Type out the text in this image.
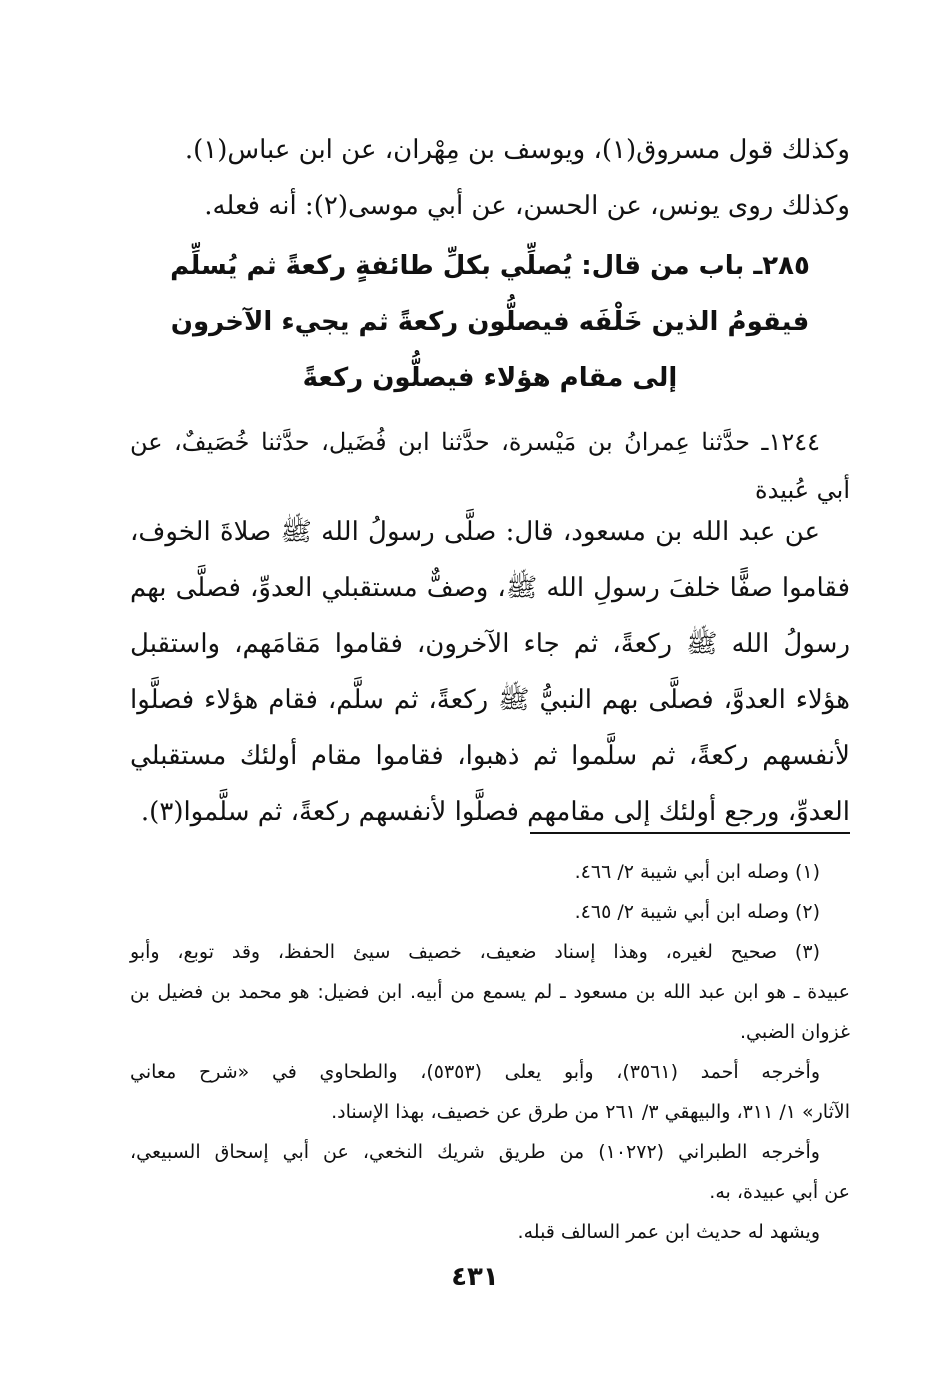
وكذلك قول مسروق(١)، ويوسف بن مِهْران، عن ابن عباس(١).
وكذلك روى يونس، عن الحسن، عن أبي موسى(٢): أنه فعله.
٢٨٥ـ باب من قال: يُصلِّي بكلِّ طائفةٍ ركعةً ثم يُسلِّم
فيقومُ الذين خَلْفَه فيصلُّون ركعةً ثم يجيء الآخرون
إلى مقام هؤلاء فيصلُّون ركعةً
١٢٤٤ـ حدَّثنا عِمرانُ بن مَيْسرة، حدَّثنا ابن فُضَيل، حدَّثنا خُصَيفٌ، عن
أبي عُبيدة
عن عبد الله بن مسعود، قال: صلَّى رسولُ الله ﷺ صلاةَ الخوف،
فقاموا صفًّا خلفَ رسولِ الله ﷺ، وصفٌّ مستقبلي العدوِّ، فصلَّى بهم
رسولُ الله ﷺ ركعةً، ثم جاء الآخرون، فقاموا مَقامَهم، واستقبل
هؤلاء العدوَّ، فصلَّى بهم النبيُّ ﷺ ركعةً، ثم سلَّم، فقام هؤلاء فصلَّوا
لأنفسهم ركعةً، ثم سلَّموا ثم ذهبوا، فقاموا مقام أولئك مستقبلي
العدوِّ، ورجع أولئك إلى مقامهم فصلَّوا لأنفسهم ركعةً، ثم سلَّموا(٣).
(١) وصله ابن أبي شيبة ٢/ ٤٦٦.
(٢) وصله ابن أبي شيبة ٢/ ٤٦٥.
(٣) صحيح لغيره، وهذا إسناد ضعيف، خصيف سيئ الحفظ، وقد توبع، وأبو
عبيدة ـ هو ابن عبد الله بن مسعود ـ لم يسمع من أبيه. ابن فضيل: هو محمد بن فضيل بن
غزوان الضبي.
وأخرجه أحمد (٣٥٦١)، وأبو يعلى (٥٣٥٣)، والطحاوي في «شرح معاني
الآثار» ١/ ٣١١، والبيهقي ٣/ ٢٦١ من طرق عن خصيف، بهذا الإسناد.
وأخرجه الطبراني (١٠٢٧٢) من طريق شريك النخعي، عن أبي إسحاق السبيعي،
عن أبي عبيدة، به.
ويشهد له حديث ابن عمر السالف قبله.
٤٣١
